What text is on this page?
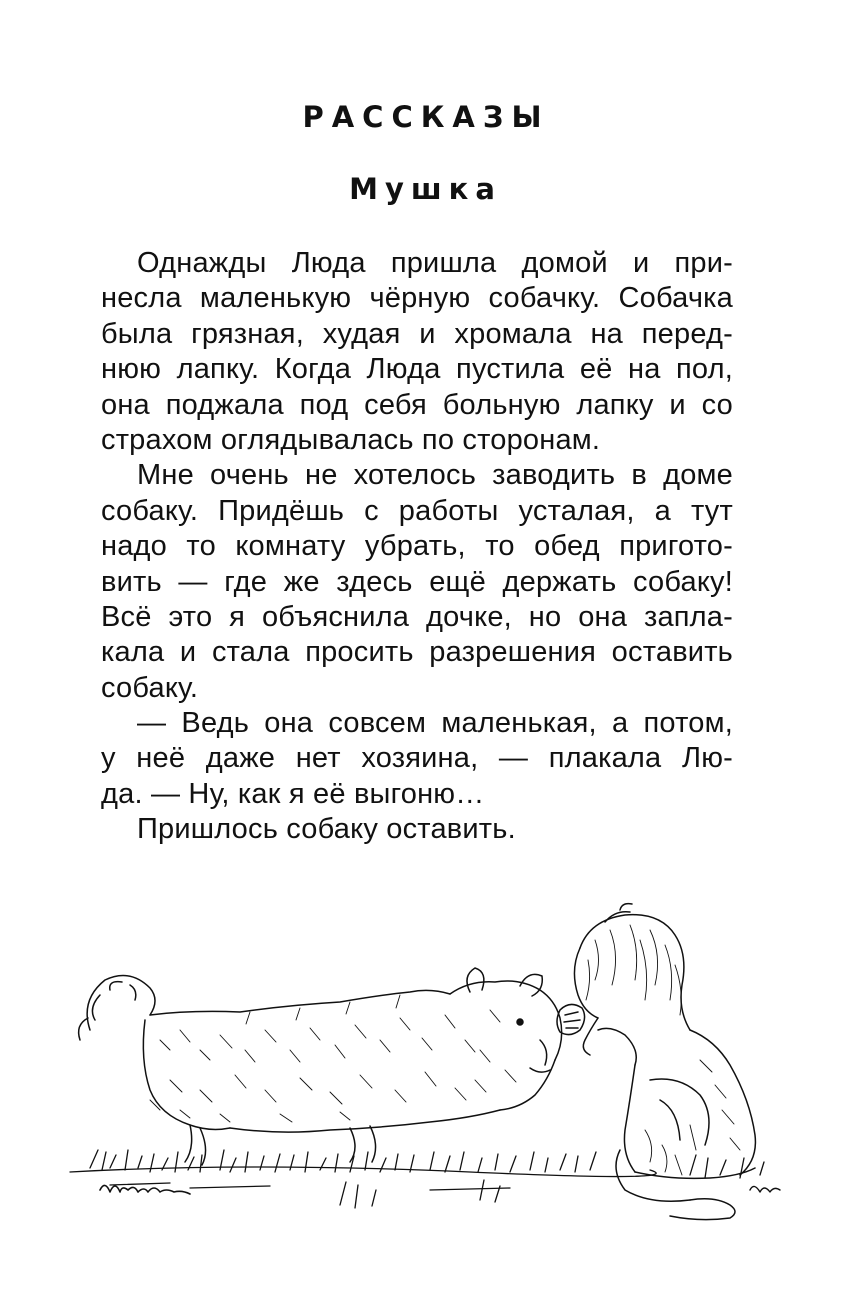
РАССКАЗЫ
Мушка
Однажды Люда пришла домой и при-
несла маленькую чёрную собачку. Собачка
была грязная, худая и хромала на перед-
нюю лапку. Когда Люда пустила её на пол,
она поджала под себя больную лапку и со
страхом оглядывалась по сторонам.
Мне очень не хотелось заводить в доме
собаку. Придёшь с работы усталая, а тут
надо то комнату убрать, то обед пригото-
вить — где же здесь ещё держать собаку!
Всё это я объяснила дочке, но она запла-
кала и стала просить разрешения оставить
собаку.
— Ведь она совсем маленькая, а потом,
у неё даже нет хозяина, — плакала Лю-
да. — Ну, как я её выгоню…
Пришлось собаку оставить.
